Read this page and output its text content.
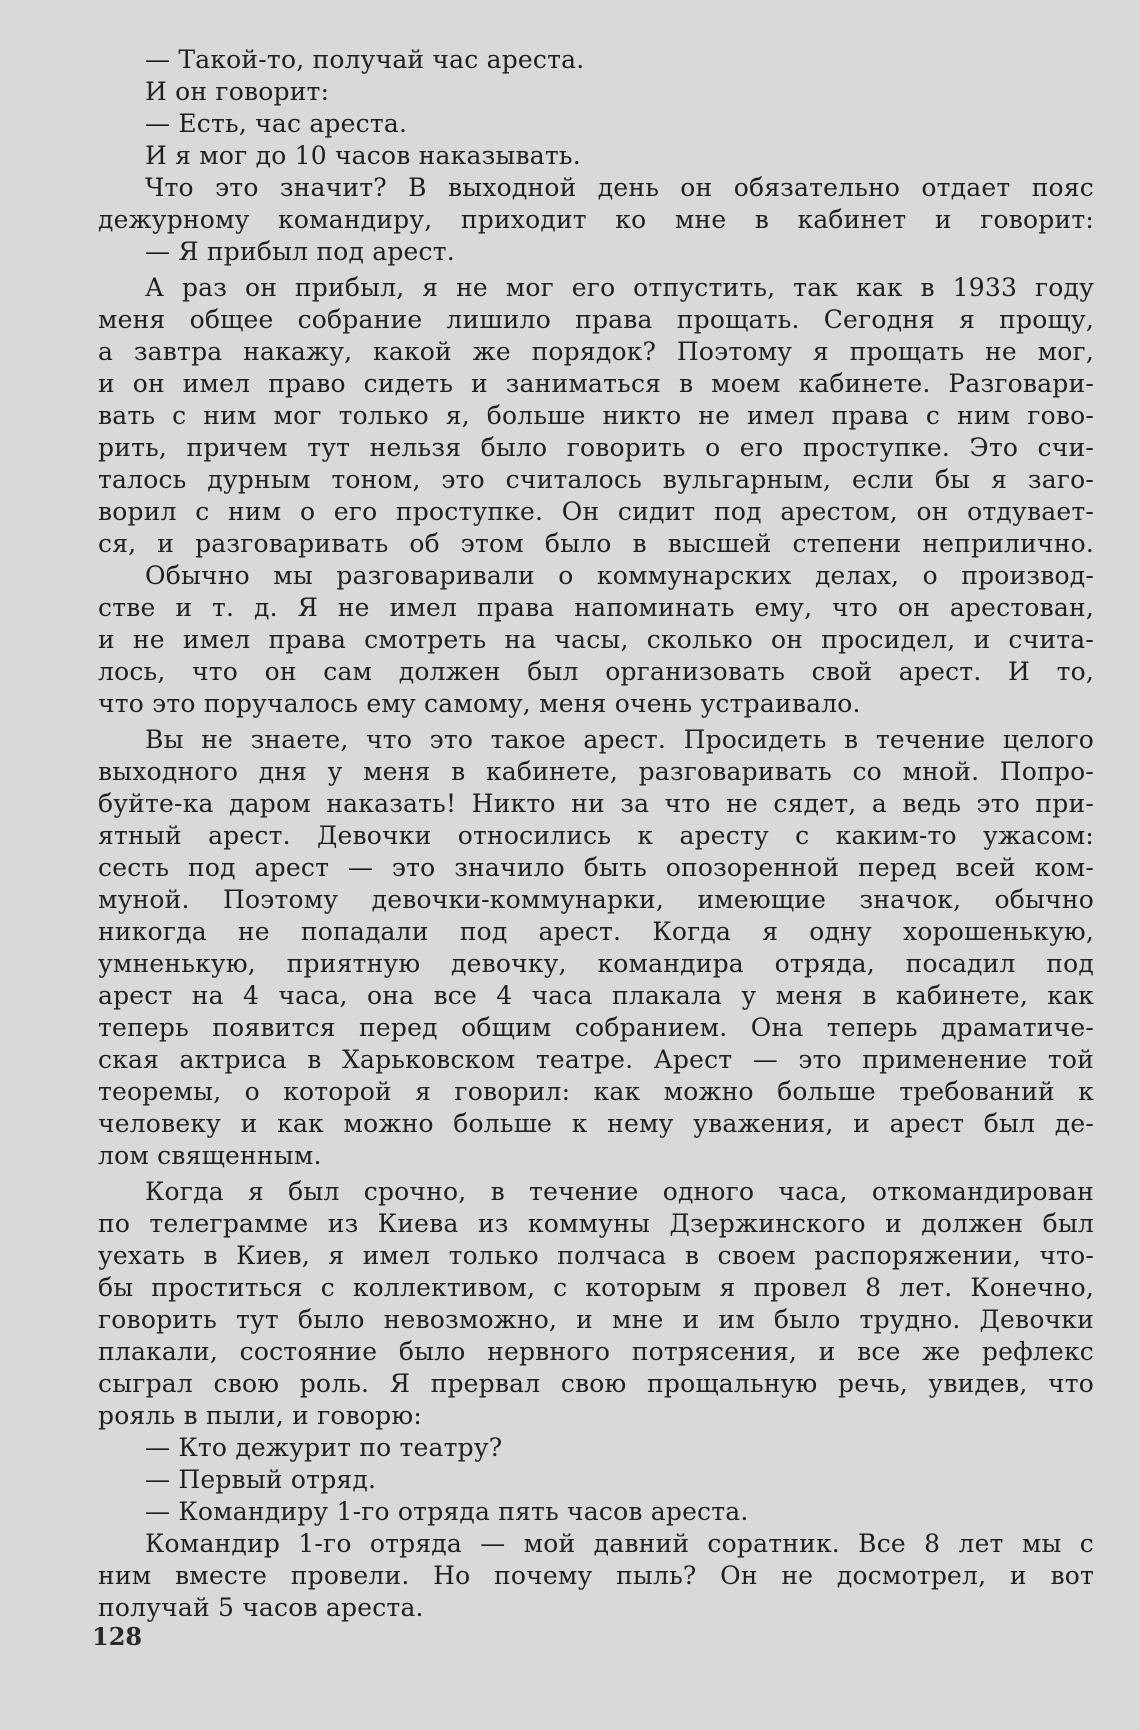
— Такой-то, получай час ареста.

И он говорит:

— Есть, час ареста.

И я мог до 10 часов наказывать.

Что это значит? В выходной день он обязательно отдает пояс

дежурному командиру, приходит ко мне в кабинет и говорит:

— Я прибыл под арест.

А раз он прибыл, я не мог его отпустить, так как в 1933 году

меня общее собрание лишило права прощать. Сегодня я прощу,

а завтра накажу, какой же порядок? Поэтому я прощать не мог,

и он имел право сидеть и заниматься в моем кабинете. Разговари-

вать с ним мог только я, больше никто не имел права с ним гово-

рить, причем тут нельзя было говорить о его проступке. Это счи-

талось дурным тоном, это считалось вульгарным, если бы я заго-

ворил с ним о его проступке. Он сидит под арестом, он отдувает-

ся, и разговаривать об этом было в высшей степени неприлично.

Обычно мы разговаривали о коммунарских делах, о производ-

стве и т. д. Я не имел права напоминать ему, что он арестован,

и не имел права смотреть на часы, сколько он просидел, и счита-

лось, что он сам должен был организовать свой арест. И то,

что это поручалось ему самому, меня очень устраивало.

Вы не знаете, что это такое арест. Просидеть в течение целого

выходного дня у меня в кабинете, разговаривать со мной. Попро-

буйте-ка даром наказать! Никто ни за что не сядет, а ведь это при-

ятный арест. Девочки относились к аресту с каким-то ужасом:

сесть под арест — это значило быть опозоренной перед всей ком-

муной. Поэтому девочки-коммунарки, имеющие значок, обычно

никогда не попадали под арест. Когда я одну хорошенькую,

умненькую, приятную девочку, командира отряда, посадил под

арест на 4 часа, она все 4 часа плакала у меня в кабинете, как

теперь появится перед общим собранием. Она теперь драматиче-

ская актриса в Харьковском театре. Арест — это применение той

теоремы, о которой я говорил: как можно больше требований к

человеку и как можно больше к нему уважения, и арест был де-

лом священным.

Когда я был срочно, в течение одного часа, откомандирован

по телеграмме из Киева из коммуны Дзержинского и должен был

уехать в Киев, я имел только полчаса в своем распоряжении, что-

бы проститься с коллективом, с которым я провел 8 лет. Конечно,

говорить тут было невозможно, и мне и им было трудно. Девочки

плакали, состояние было нервного потрясения, и все же рефлекс

сыграл свою роль. Я прервал свою прощальную речь, увидев, что

рояль в пыли, и говорю:

— Кто дежурит по театру?

— Первый отряд.

— Командиру 1-го отряда пять часов ареста.

Командир 1-го отряда — мой давний соратник. Все 8 лет мы с

ним вместе провели. Но почему пыль? Он не досмотрел, и вот

получай 5 часов ареста.

128
